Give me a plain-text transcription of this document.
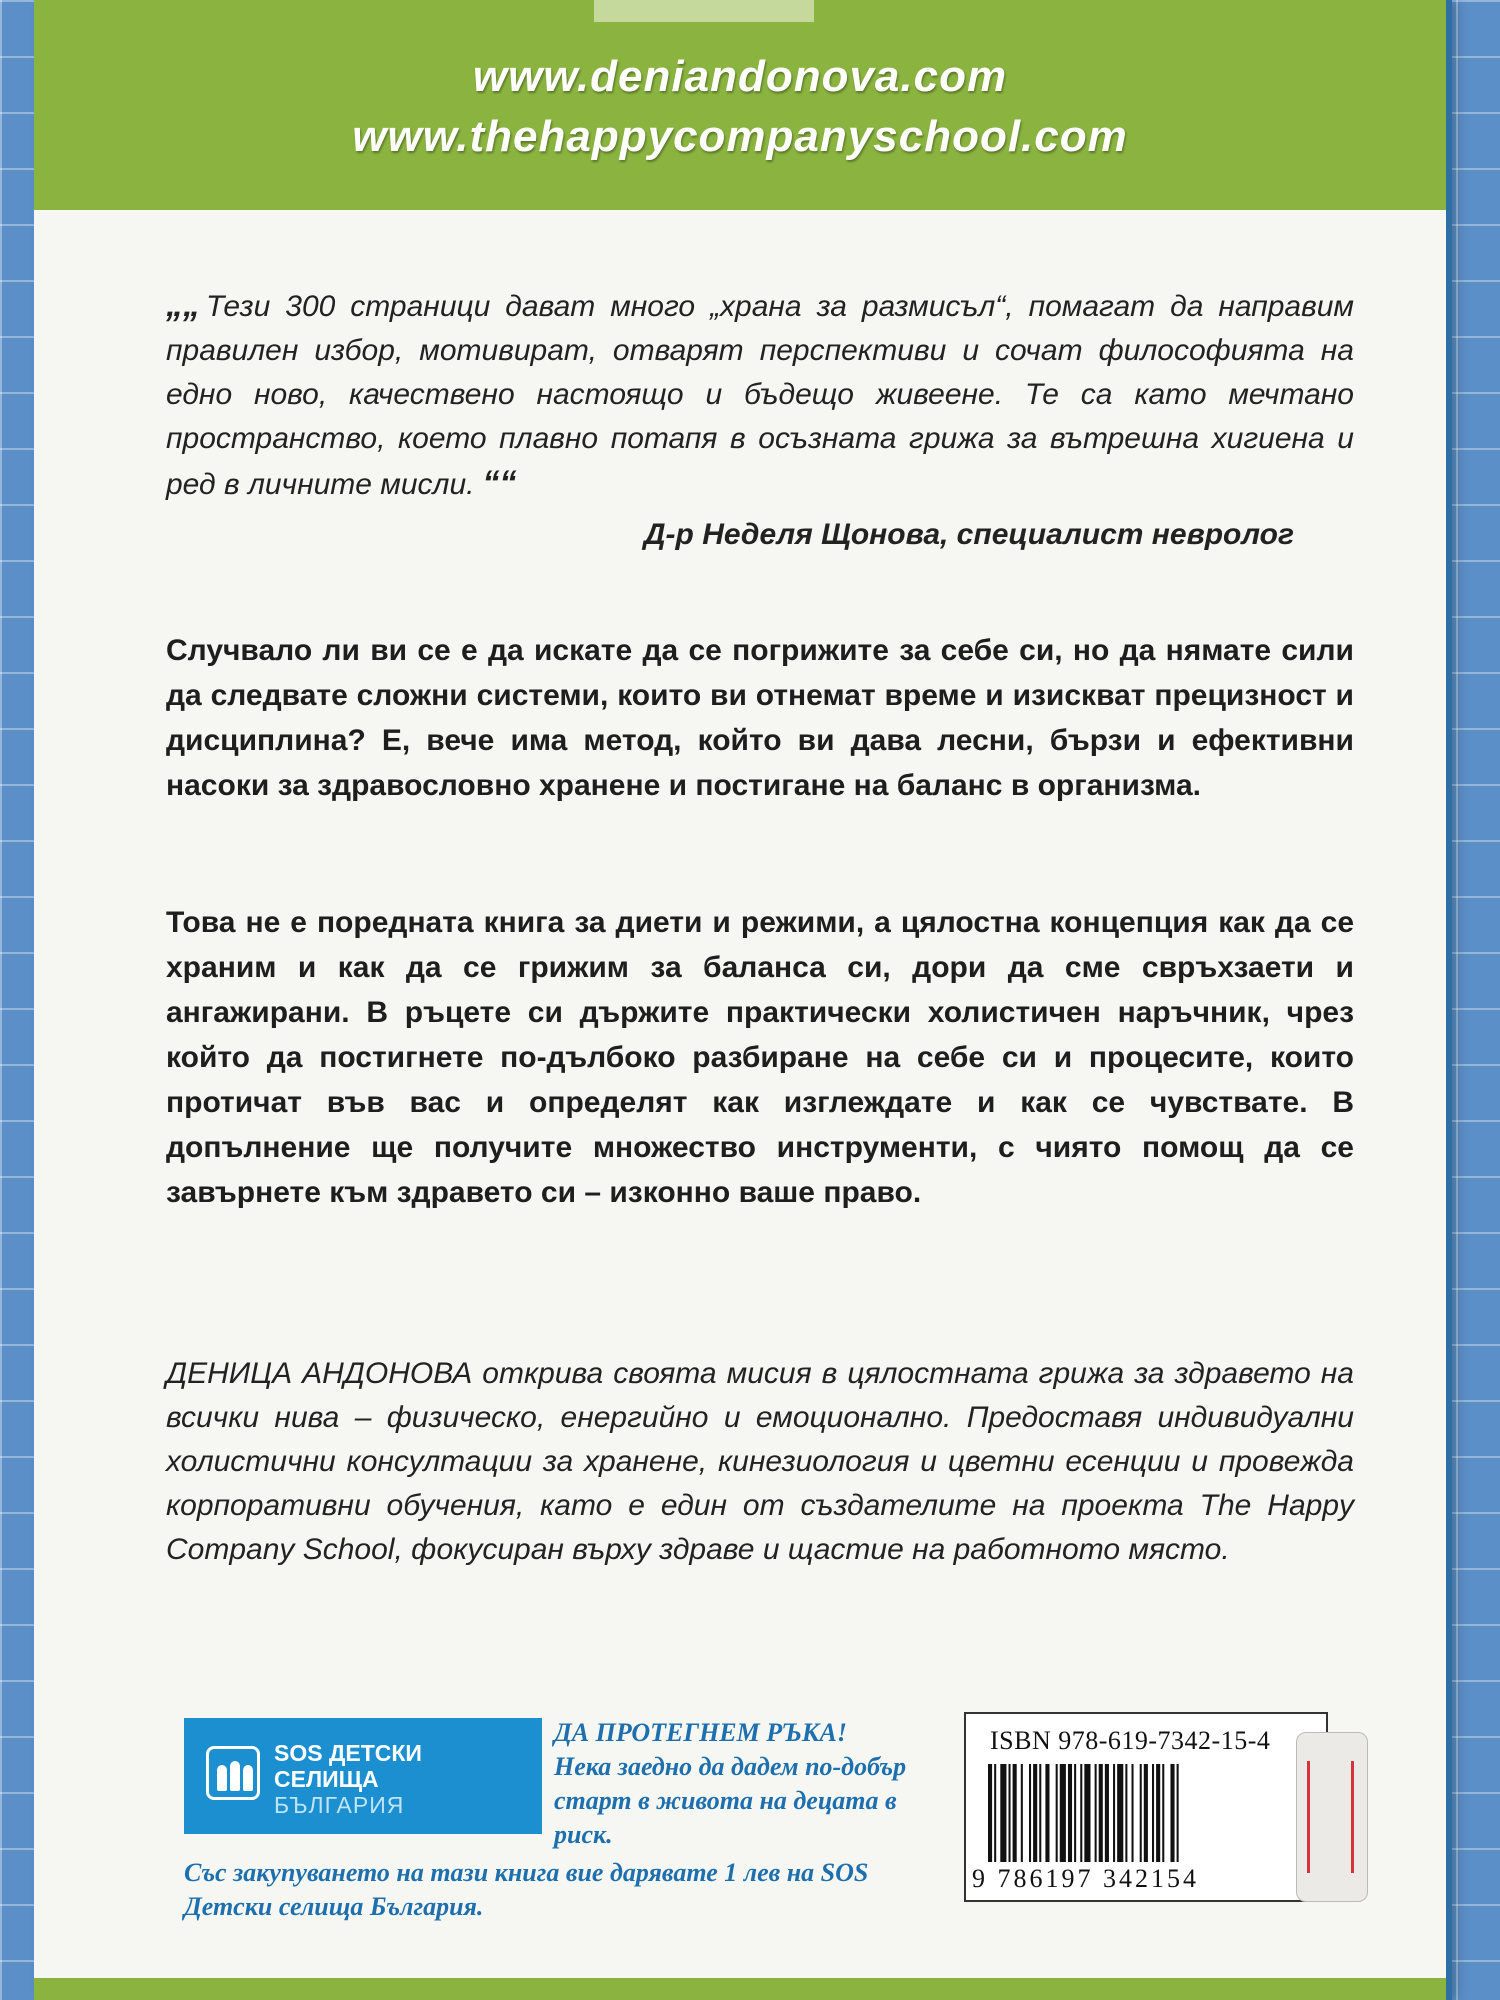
www.deniandonova.com
www.thehappycompanyschool.com
„„ Тези 300 страници дават много „храна за размисъл“, помагат да направим правилен избор, мотивират, отварят перспективи и сочат философията на едно ново, качествено настоящо и бъдещо живеене. Те са като мечтано пространство, което плавно потапя в осъзната грижа за вътрешна хигиена и ред в личните мисли. ““
Д-р Неделя Щонова, специалист невролог
Случвало ли ви се е да искате да се погрижите за себе си, но да нямате сили да следвате сложни системи, които ви отнемат време и изискват прецизност и дисциплина? Е, вече има метод, който ви дава лесни, бързи и ефективни насоки за здравословно хранене и постигане на баланс в организма.
Това не е поредната книга за диети и режими, а цялостна концепция как да се храним и как да се грижим за баланса си, дори да сме свръхзаети и ангажирани. В ръцете си държите практически холистичен наръчник, чрез който да постигнете по-дълбоко разбиране на себе си и процесите, които протичат във вас и определят как изглеждате и как се чувствате. В допълнение ще получите множество инструменти, с чиято помощ да се завърнете към здравето си – изконно ваше право.
ДЕНИЦА АНДОНОВА открива своята мисия в цялостната грижа за здравето на всички нива – физическо, енергийно и емоционално. Предоставя индивидуални холистични консултации за хранене, кинезиология и цветни есенции и провежда корпоративни обучения, като е един от създателите на проекта The Happy Company School, фокусиран върху здраве и щастие на работното място.
SOS ДЕТСКИ
СЕЛИЩА
БЪЛГАРИЯ
ДА ПРОТЕГНЕМ РЪКА!
Нека заедно да дадем по-добър старт в живота на децата в риск.
Със закупуването на тази книга вие дарявате 1 лев на SOS Детски селища България.
ISBN 978-619-7342-15-4
9 786197 342154
